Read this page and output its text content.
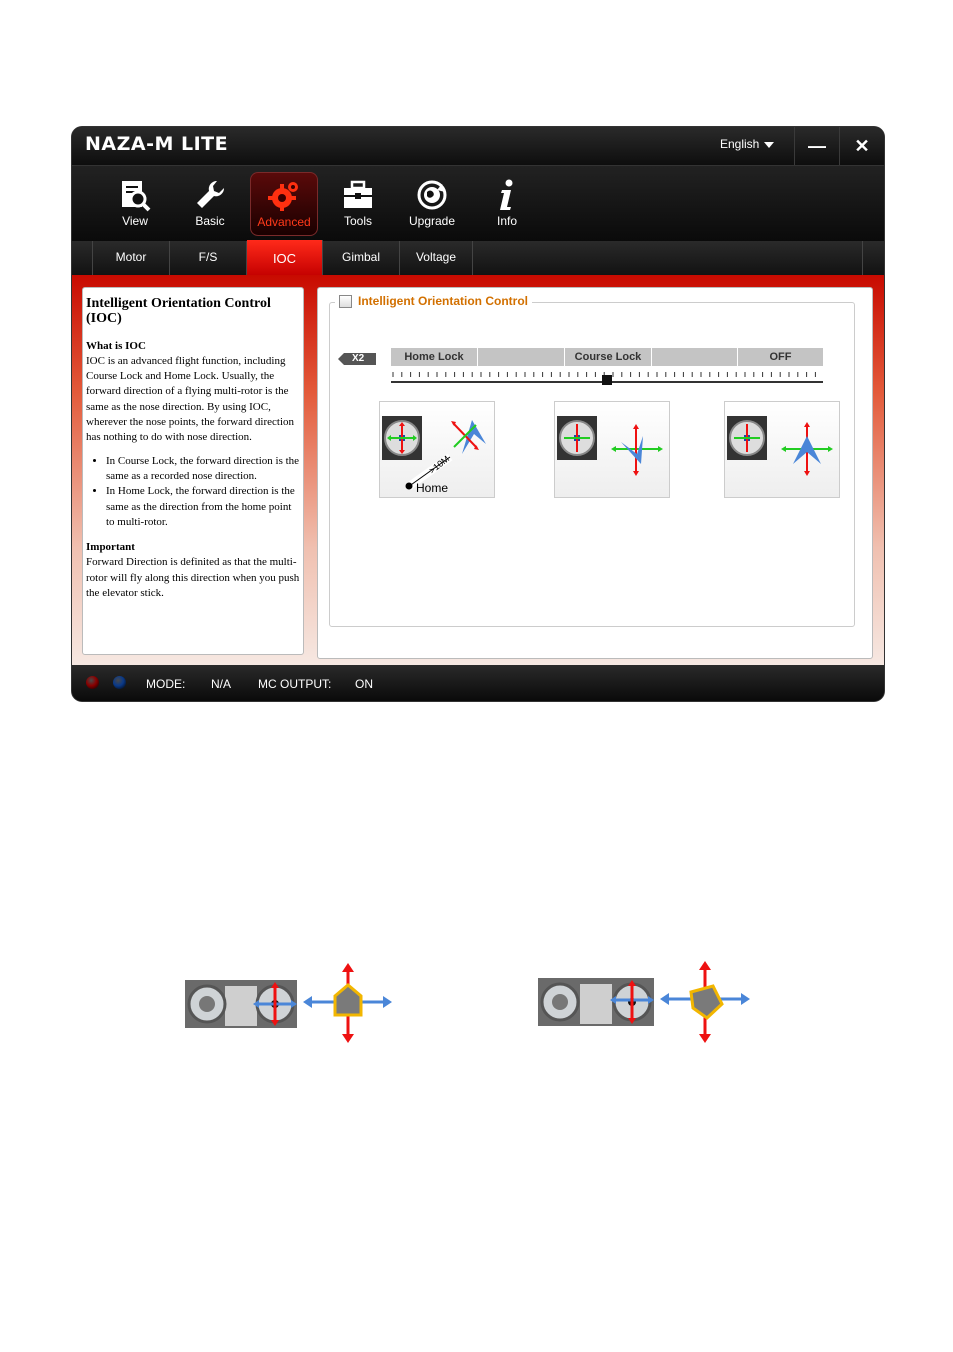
NAZA-M LITE	English	—	✕
View	Basic	Advanced	Tools	Upgrade	Info
Motor	F/S	IOC	Gimbal	Voltage
Intelligent Orientation Control (IOC)
What is IOC

IOC is an advanced flight function, including Course Lock and Home Lock. Usually, the forward direction of a flying multi-rotor is the same as the nose direction. By using IOC, wherever the nose points, the forward direction has nothing to do with nose direction.

• In Course Lock, the forward direction is the same as a recorded nose direction.
• In Home Lock, the forward direction is the same as the direction from the home point to multi-rotor.
Important

Forward Direction is definited as that the multi-rotor will fly along this direction when you push the elevator stick.

Intelligent Orientation Control
X2	Home Lock	Course Lock	OFF
>10M
Home
MODE: N/A MC OUTPUT: ON
